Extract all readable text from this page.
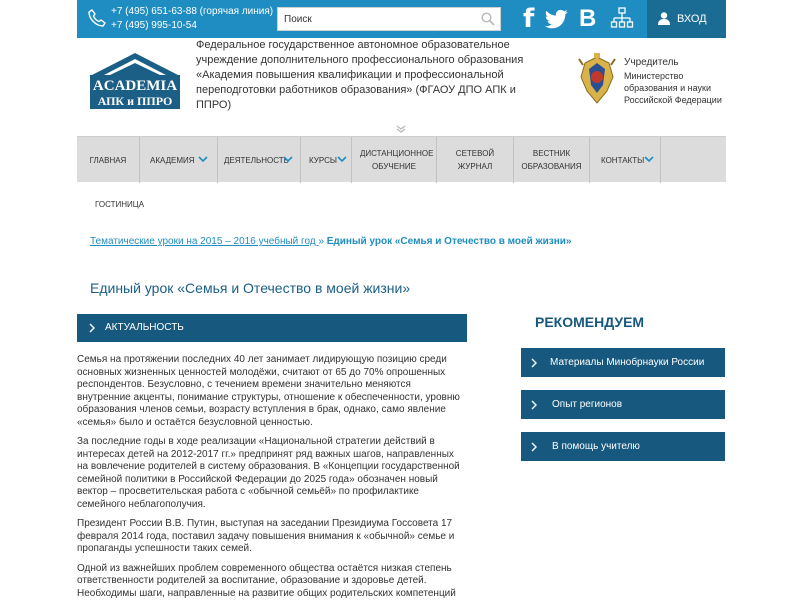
+7 (495) 651-63-88 (горячая линия)
+7 (495) 995-10-54
Поиск	f B	ВХОД
ACADEMIA
АПК и ППРО
Федеральное государственное автономное образовательное учреждение дополнительного профессионального образования «Академия повышения квалификации и профессиональной переподготовки работников образования» (ФГАОУ ДПО АПК и ППРО)
Учредитель
Министерство
образования и науки
Российской Федерации
ГЛАВНАЯ	АКАДЕМИЯ	ДЕЯТЕЛЬНОСТЬ	КУРСЫ
ДИСТАНЦИОННОЕ ОБУЧЕНИЕ
СЕТЕВОЙ ЖУРНАЛ
ВЕСТНИК ОБРАЗОВАНИЯ
КОНТАКТЫ
ГОСТИНИЦА
Тематические уроки на 2015 – 2016 учебный год » Единый урок «Семья и Отечество в моей жизни»
Единый урок «Семья и Отечество в моей жизни»
АКТУАЛЬНОСТЬ

Семья на протяжении последних 40 лет занимает лидирующую позицию среди основных жизненных ценностей молодёжи, считают от 65 до 70% опрошенных респондентов. Безусловно, с течением времени значительно меняются внутренние акценты, понимание структуры, отношение к обеспеченности, уровню образования членов семьи, возрасту вступления в брак, однако, само явление «семья» было и остаётся безусловной ценностью.

За последние годы в ходе реализации «Национальной стратегии действий в интересах детей на 2012-2017 гг.» предпринят ряд важных шагов, направленных на вовлечение родителей в систему образования. В «Концепции государственной семейной политики в Российской Федерации до 2025 года» обозначен новый вектор – просветительская работа с «обычной семьёй» по профилактике семейного неблагополучия.

Президент России В.В. Путин, выступая на заседании Президиума Госсовета 17 февраля 2014 года, поставил задачу повышения внимания к «обычной» семье и пропаганды успешности таких семей.

Одной из важнейших проблем современного общества остаётся низкая степень ответственности родителей за воспитание, образование и здоровье детей. Необходимы шаги, направленные на развитие общих родительских компетенций

РЕКОМЕНДУЕМ
Материалы Минобрнауки России
Опыт регионов
В помощь учителю
